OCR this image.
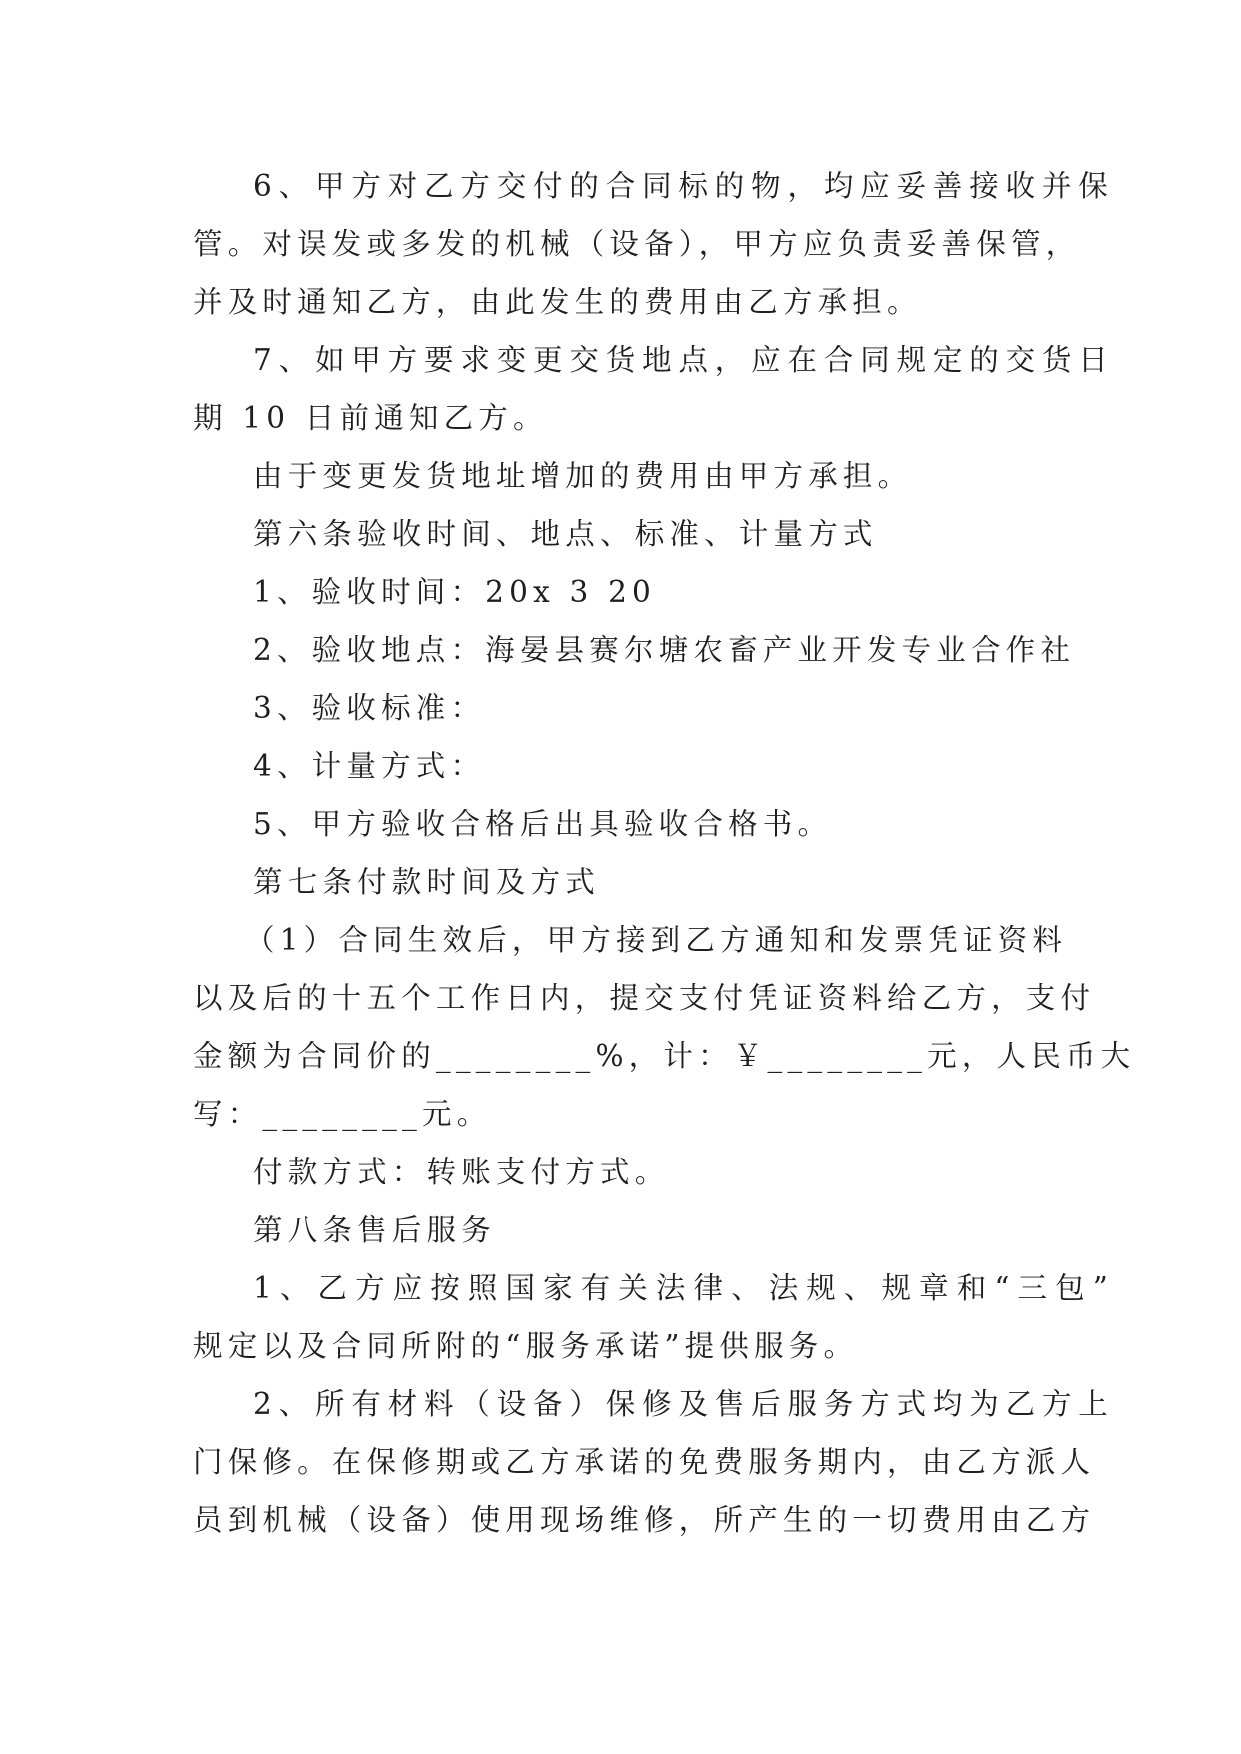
6、甲方对乙方交付的合同标的物，均应妥善接收并保
管。对误发或多发的机械（设备），甲方应负责妥善保管，
并及时通知乙方，由此发生的费用由乙方承担。
7、如甲方要求变更交货地点，应在合同规定的交货日
期 10 日前通知乙方。
由于变更发货地址增加的费用由甲方承担。
第六条验收时间、地点、标准、计量方式
1、验收时间：20x 3 20
2、验收地点：海晏县赛尔塘农畜产业开发专业合作社
3、验收标准：
4、计量方式：
5、甲方验收合格后出具验收合格书。
第七条付款时间及方式
（1）合同生效后，甲方接到乙方通知和发票凭证资料
以及后的十五个工作日内，提交支付凭证资料给乙方，支付
金额为合同价的________%，计：￥________元，人民币大
写：________元。
付款方式：转账支付方式。
第八条售后服务
1、乙方应按照国家有关法律、法规、规章和“三包”
规定以及合同所附的“服务承诺”提供服务。
2、所有材料（设备）保修及售后服务方式均为乙方上
门保修。在保修期或乙方承诺的免费服务期内，由乙方派人
员到机械（设备）使用现场维修，所产生的一切费用由乙方
